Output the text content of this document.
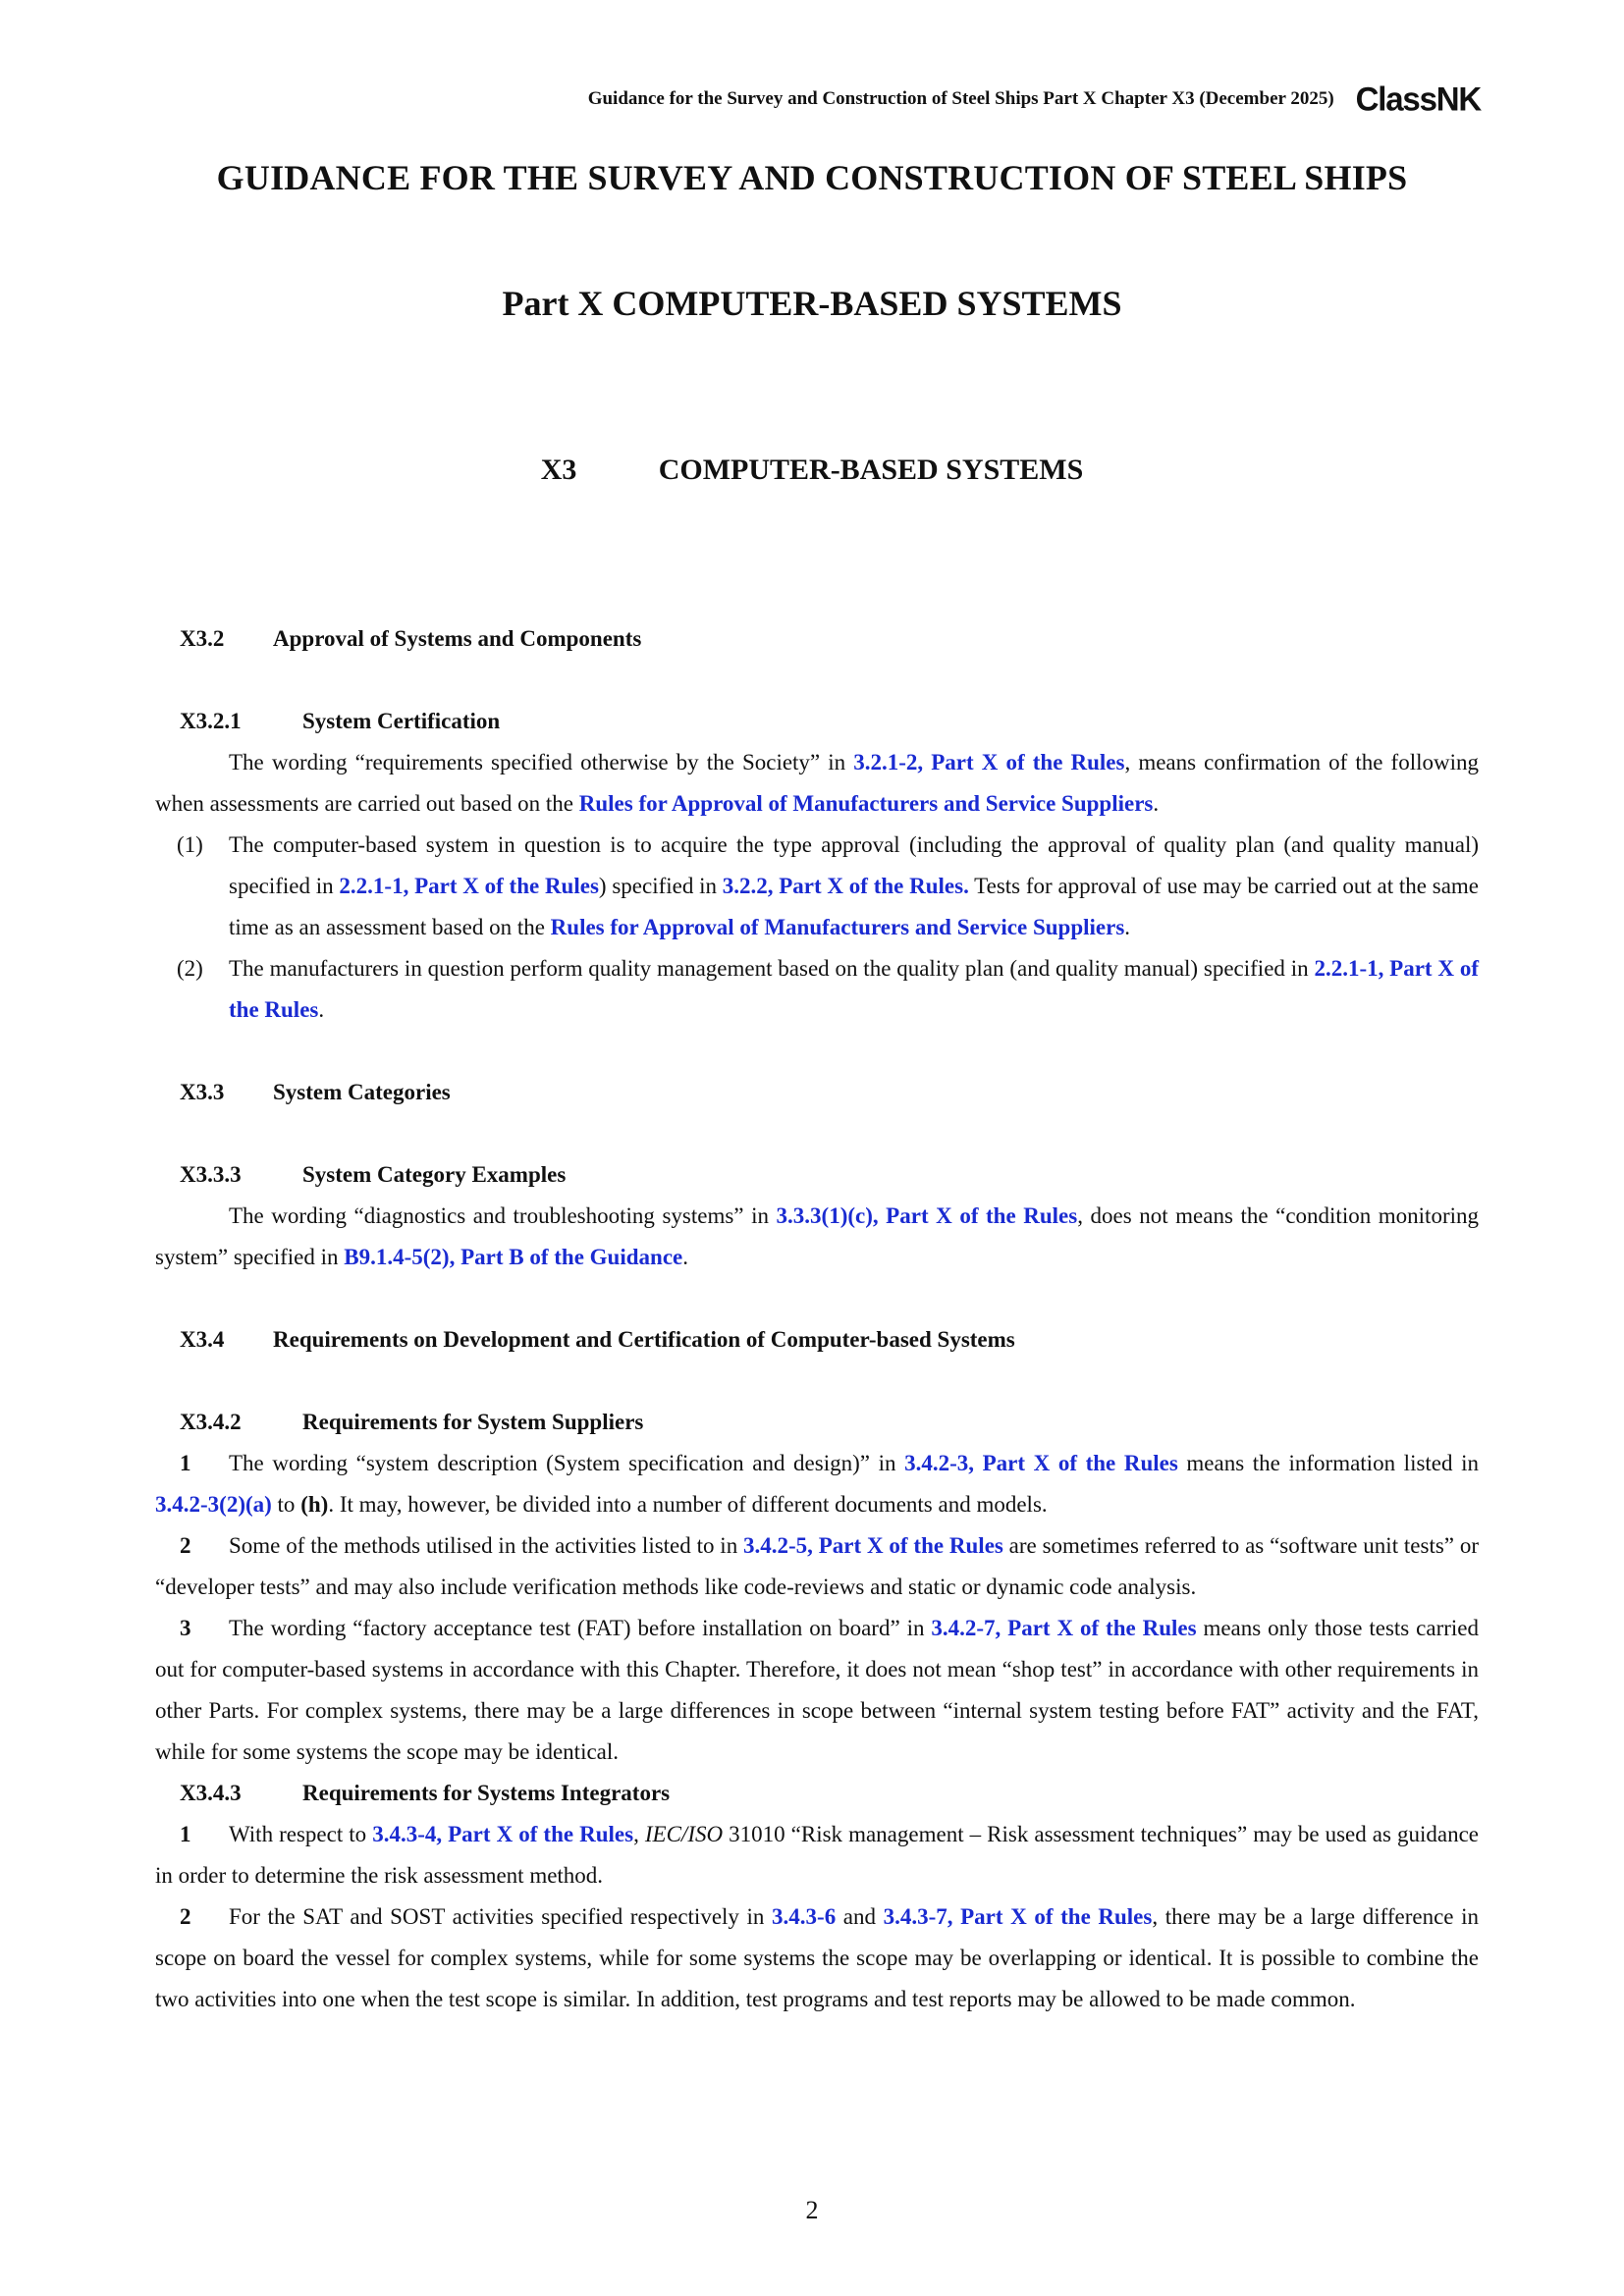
Guidance for the Survey and Construction of Steel Ships Part X Chapter X3 (December 2025) ClassNK
GUIDANCE FOR THE SURVEY AND CONSTRUCTION OF STEEL SHIPS
Part X COMPUTER-BASED SYSTEMS
X3	COMPUTER-BASED SYSTEMS
X3.2 Approval of Systems and Components
X3.2.1	System Certification

The wording “requirements specified otherwise by the Society” in 3.2.1-2, Part X of the Rules, means confirmation of the following when assessments are carried out based on the Rules for Approval of Manufacturers and Service Suppliers.

(1) The computer-based system in question is to acquire the type approval (including the approval of quality plan (and quality manual) specified in 2.2.1-1, Part X of the Rules) specified in 3.2.2, Part X of the Rules. Tests for approval of use may be carried out at the same time as an assessment based on the Rules for Approval of Manufacturers and Service Suppliers.
(2) The manufacturers in question perform quality management based on the quality plan (and quality manual) specified in 2.2.1-1, Part X of the Rules.
X3.3 System Categories
X3.3.3	System Category Examples

The wording “diagnostics and troubleshooting systems” in 3.3.3(1)(c), Part X of the Rules, does not means the “condition monitoring system” specified in B9.1.4-5(2), Part B of the Guidance.

X3.4 Requirements on Development and Certification of Computer-based Systems
X3.4.2	Requirements for System Suppliers

1 The wording “system description (System specification and design)” in 3.4.2-3, Part X of the Rules means the information listed in 3.4.2-3(2)(a) to (h). It may, however, be divided into a number of different documents and models.

2 Some of the methods utilised in the activities listed to in 3.4.2-5, Part X of the Rules are sometimes referred to as “software unit tests” or “developer tests” and may also include verification methods like code-reviews and static or dynamic code analysis.

3 The wording “factory acceptance test (FAT) before installation on board” in 3.4.2-7, Part X of the Rules means only those tests carried out for computer-based systems in accordance with this Chapter. Therefore, it does not mean “shop test” in accordance with other requirements in other Parts. For complex systems, there may be a large differences in scope between “internal system testing before FAT” activity and the FAT, while for some systems the scope may be identical.

X3.4.3	Requirements for Systems Integrators

1 With respect to 3.4.3-4, Part X of the Rules, IEC/ISO 31010 “Risk management – Risk assessment techniques” may be used as guidance in order to determine the risk assessment method.

2 For the SAT and SOST activities specified respectively in 3.4.3-6 and 3.4.3-7, Part X of the Rules, there may be a large difference in scope on board the vessel for complex systems, while for some systems the scope may be overlapping or identical. It is possible to combine the two activities into one when the test scope is similar. In addition, test programs and test reports may be allowed to be made common.

2
